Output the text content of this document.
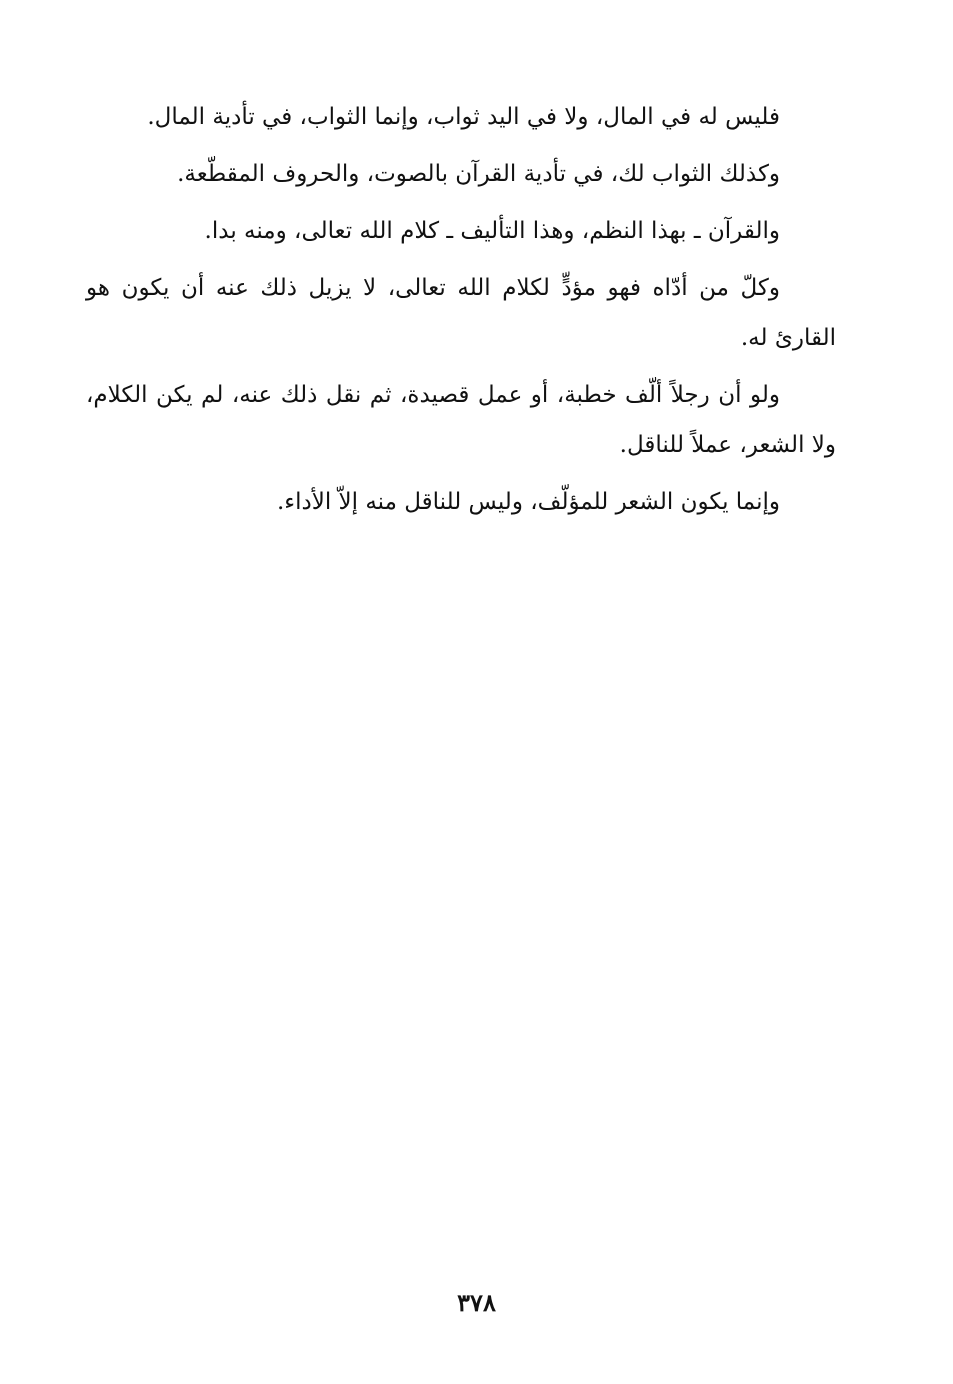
فليس له في المال، ولا في اليد ثواب، وإنما الثواب، في تأدية المال.

وكذلك الثواب لك، في تأدية القرآن بالصوت، والحروف المقطّعة.

والقرآن ـ بهذا النظم، وهذا التأليف ـ كلام الله تعالى، ومنه بدا.

وكلّ من أدّاه فهو مؤدٍّ لكلام الله تعالى، لا يزيل ذلك عنه أن يكون هو القارئ له.

ولو أن رجلاً ألّف خطبة، أو عمل قصيدة، ثم نقل ذلك عنه، لم يكن الكلام، ولا الشعر، عملاً للناقل.

وإنما يكون الشعر للمؤلّف، وليس للناقل منه إلاّ الأداء.

٣٧٨
